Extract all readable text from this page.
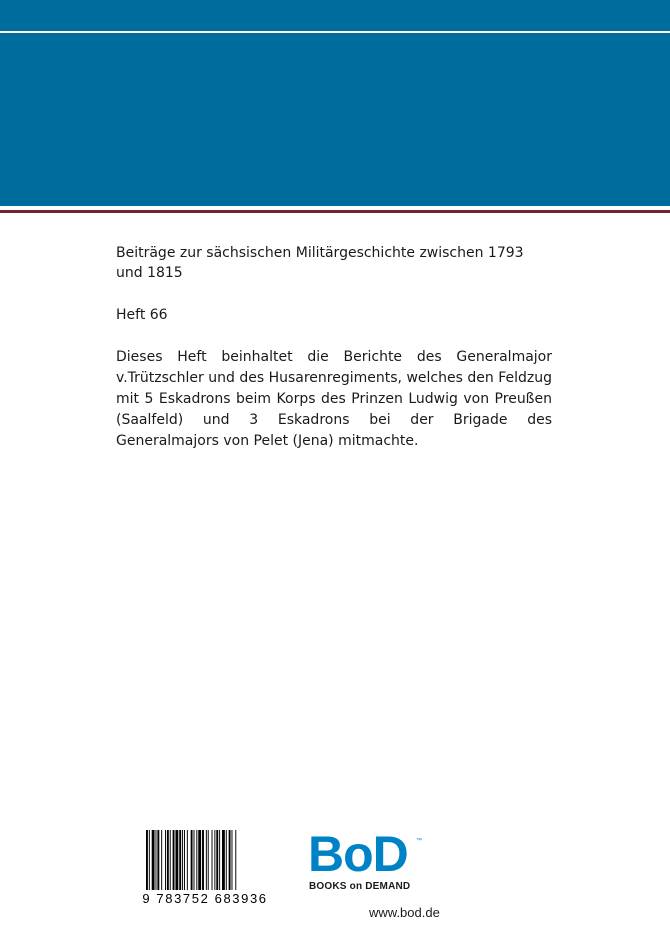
Beiträge zur sächsischen Militärgeschichte zwischen 1793 und 1815

Heft 66

Dieses Heft beinhaltet die Berichte des Generalmajor v.Trützschler und des Husarenregiments, welches den Feldzug mit 5 Eskadrons beim Korps des Prinzen Ludwig von Preußen (Saalfeld) und 3 Eskadrons bei der Brigade des Generalmajors von Pelet (Jena) mitmachte.

9 783752 683936
BoD ™
BOOKS on DEMAND
www.bod.de
